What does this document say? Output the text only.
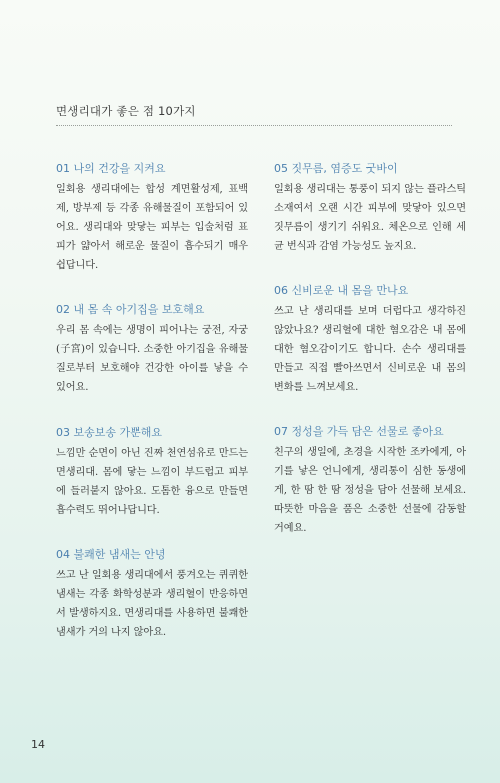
면생리대가 좋은 점 10가지

01 나의 건강을 지켜요

일회용 생리대에는 합성 계면활성제, 표백제, 방부제 등 각종 유해물질이 포함되어 있어요. 생리대와 맞닿는 피부는 입술처럼 표피가 얇아서 해로운 물질이 흡수되기 매우 쉽답니다.

02 내 몸 속 아기집을 보호해요

우리 몸 속에는 생명이 피어나는 궁전, 자궁(子宮)이 있습니다. 소중한 아기집을 유해물질로부터 보호해야 건강한 아이를 낳을 수 있어요.

03 보송보송 가뿐해요

느낌만 순면이 아닌 진짜 천연섬유로 만드는 면생리대. 몸에 닿는 느낌이 부드럽고 피부에 들러붙지 않아요. 도톰한 융으로 만들면 흡수력도 뛰어나답니다.

04 불쾌한 냄새는 안녕

쓰고 난 일회용 생리대에서 풍겨오는 퀴퀴한 냄새는 각종 화학성분과 생리혈이 반응하면서 발생하지요. 면생리대를 사용하면 불쾌한 냄새가 거의 나지 않아요.

05 짓무름, 염증도 굿바이

일회용 생리대는 통풍이 되지 않는 플라스틱 소재여서 오랜 시간 피부에 맞닿아 있으면 짓무름이 생기기 쉬워요. 체온으로 인해 세균 번식과 감염 가능성도 높지요.

06 신비로운 내 몸을 만나요

쓰고 난 생리대를 보며 더럽다고 생각하진 않았나요? 생리혈에 대한 혐오감은 내 몸에 대한 혐오감이기도 합니다. 손수 생리대를 만들고 직접 빨아쓰면서 신비로운 내 몸의 변화를 느껴보세요.

07 정성을 가득 담은 선물로 좋아요

친구의 생일에, 초경을 시작한 조카에게, 아기를 낳은 언니에게, 생리통이 심한 동생에게, 한 땀 한 땀 정성을 담아 선물해 보세요. 따뜻한 마음을 품은 소중한 선물에 감동할 거예요.

14
